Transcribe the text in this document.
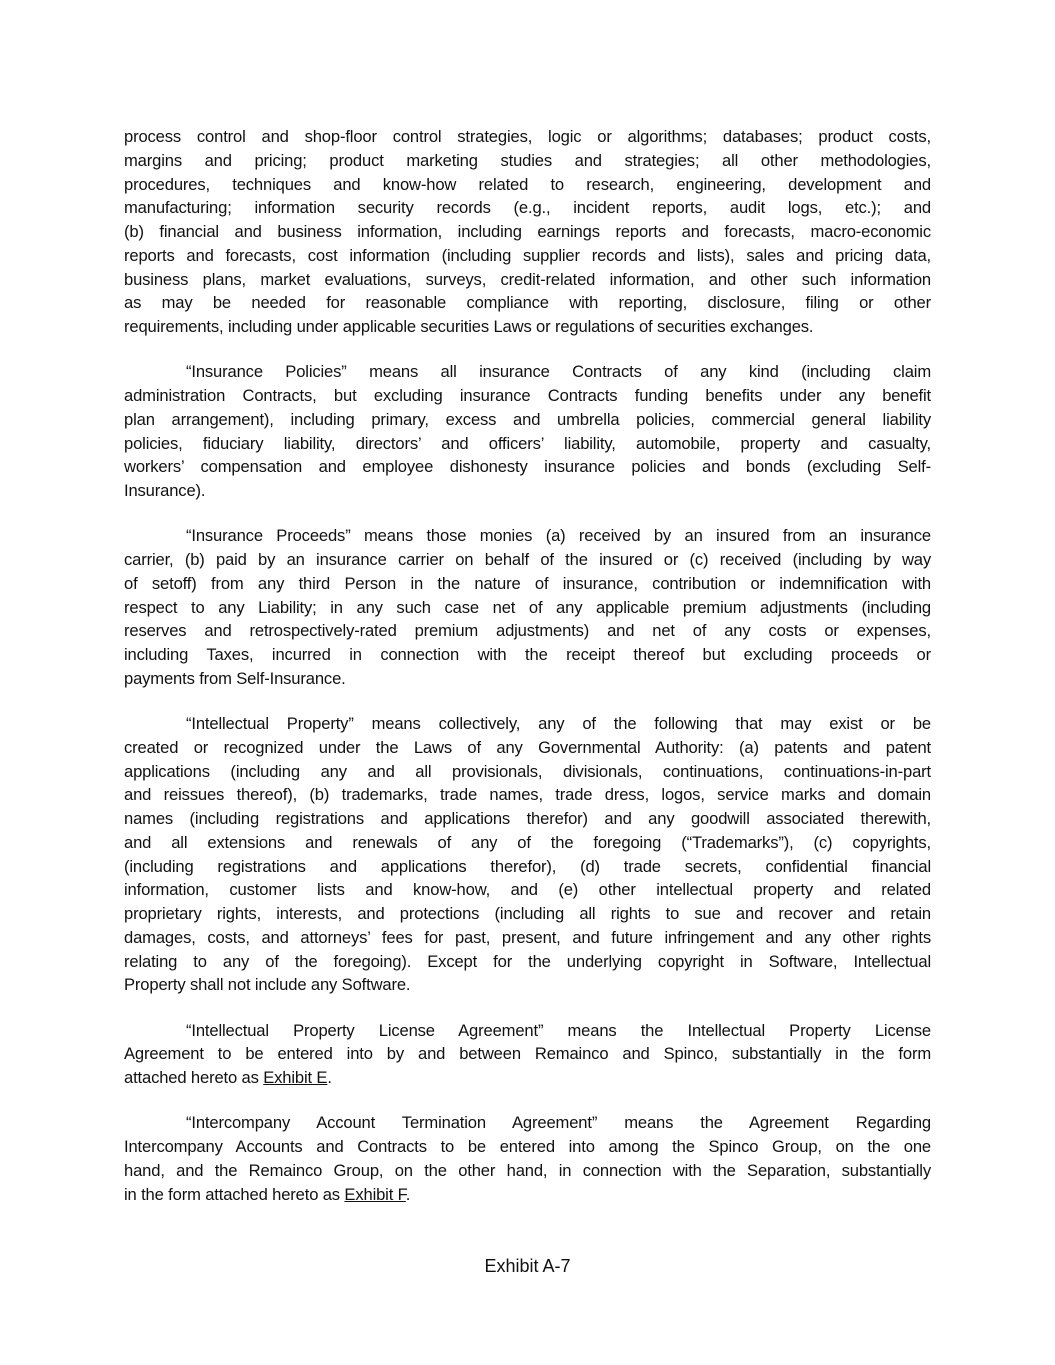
process control and shop-floor control strategies, logic or algorithms; databases; product costs,
margins and pricing; product marketing studies and strategies; all other methodologies,
procedures, techniques and know-how related to research, engineering, development and
manufacturing; information security records (e.g., incident reports, audit logs, etc.); and
(b) financial and business information, including earnings reports and forecasts, macro-economic
reports and forecasts, cost information (including supplier records and lists), sales and pricing data,
business plans, market evaluations, surveys, credit-related information, and other such information
as may be needed for reasonable compliance with reporting, disclosure, filing or other
requirements, including under applicable securities Laws or regulations of securities exchanges.
“Insurance Policies” means all insurance Contracts of any kind (including claim
administration Contracts, but excluding insurance Contracts funding benefits under any benefit
plan arrangement), including primary, excess and umbrella policies, commercial general liability
policies, fiduciary liability, directors’ and officers’ liability, automobile, property and casualty,
workers’ compensation and employee dishonesty insurance policies and bonds (excluding Self-
Insurance).
“Insurance Proceeds” means those monies (a) received by an insured from an insurance
carrier, (b) paid by an insurance carrier on behalf of the insured or (c) received (including by way
of setoff) from any third Person in the nature of insurance, contribution or indemnification with
respect to any Liability; in any such case net of any applicable premium adjustments (including
reserves and retrospectively-rated premium adjustments) and net of any costs or expenses,
including Taxes, incurred in connection with the receipt thereof but excluding proceeds or
payments from Self-Insurance.
“Intellectual Property” means collectively, any of the following that may exist or be
created or recognized under the Laws of any Governmental Authority: (a) patents and patent
applications (including any and all provisionals, divisionals, continuations, continuations-in-part
and reissues thereof), (b) trademarks, trade names, trade dress, logos, service marks and domain
names (including registrations and applications therefor) and any goodwill associated therewith,
and all extensions and renewals of any of the foregoing (“Trademarks”), (c) copyrights,
(including registrations and applications therefor), (d) trade secrets, confidential financial
information, customer lists and know-how, and (e) other intellectual property and related
proprietary rights, interests, and protections (including all rights to sue and recover and retain
damages, costs, and attorneys’ fees for past, present, and future infringement and any other rights
relating to any of the foregoing). Except for the underlying copyright in Software, Intellectual
Property shall not include any Software.
“Intellectual Property License Agreement” means the Intellectual Property License
Agreement to be entered into by and between Remainco and Spinco, substantially in the form
attached hereto as Exhibit E.
“Intercompany Account Termination Agreement” means the Agreement Regarding
Intercompany Accounts and Contracts to be entered into among the Spinco Group, on the one
hand, and the Remainco Group, on the other hand, in connection with the Separation, substantially
in the form attached hereto as Exhibit F.
Exhibit A-7
